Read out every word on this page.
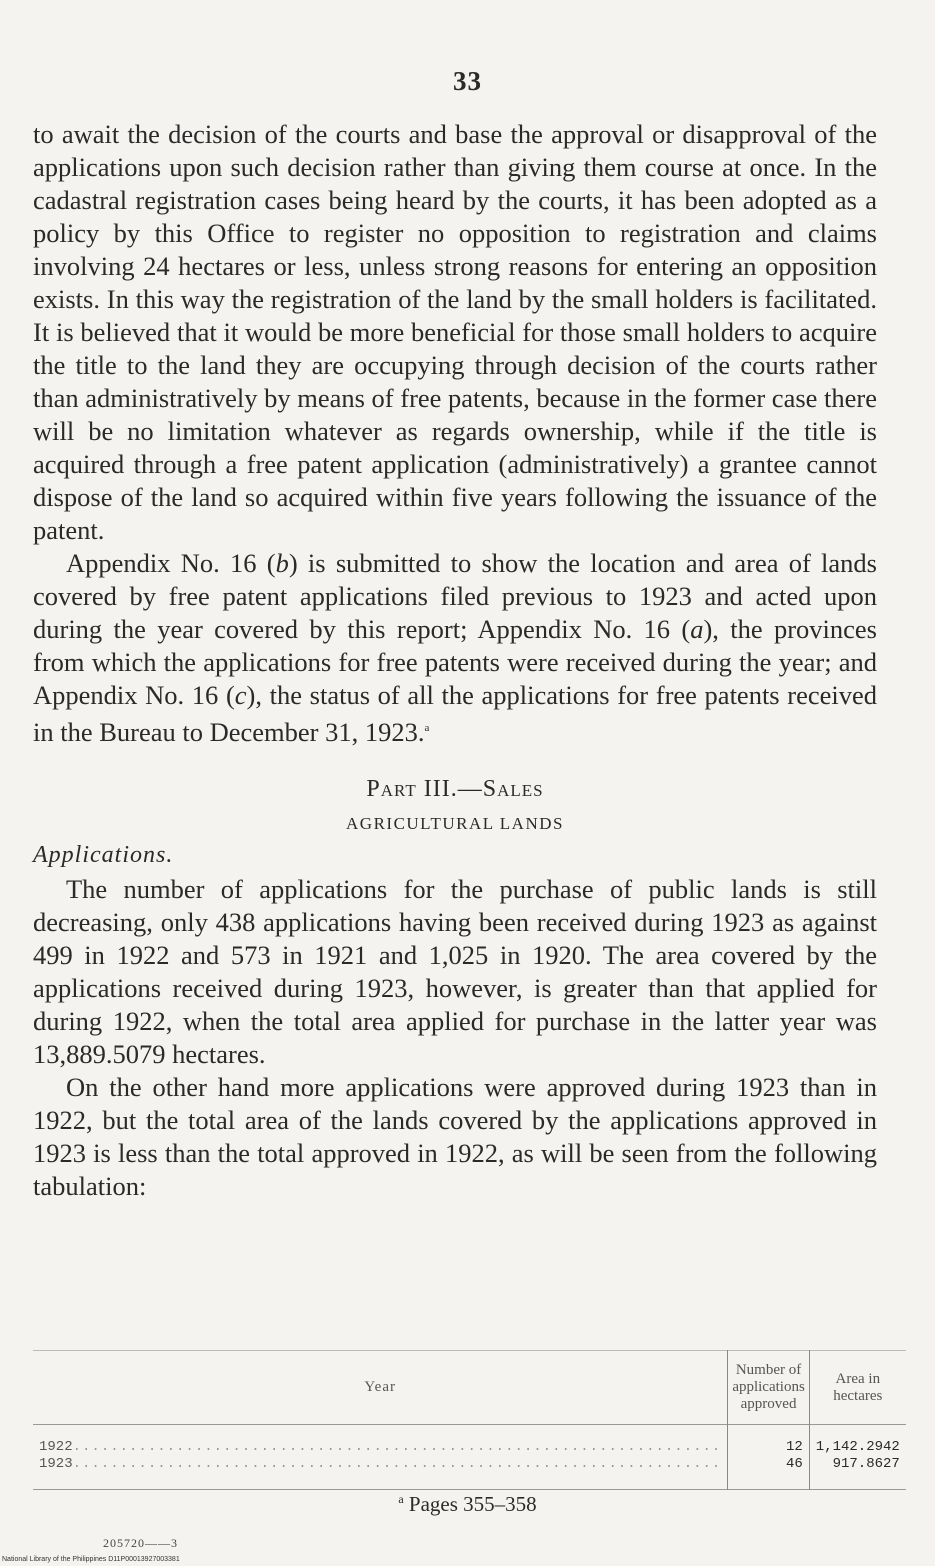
33

to await the decision of the courts and base the approval or disapproval of the applications upon such decision rather than giving them course at once. In the cadastral registration cases being heard by the courts, it has been adopted as a policy by this Office to register no opposition to registration and claims involving 24 hectares or less, unless strong reasons for entering an opposition exists. In this way the registration of the land by the small holders is facilitated. It is believed that it would be more beneficial for those small holders to acquire the title to the land they are occupying through decision of the courts rather than administratively by means of free patents, because in the former case there will be no limitation whatever as regards ownership, while if the title is acquired through a free patent application (administratively) a grantee cannot dispose of the land so acquired within five years following the issuance of the patent.

Appendix No. 16 (b) is submitted to show the location and area of lands covered by free patent applications filed previous to 1923 and acted upon during the year covered by this report; Appendix No. 16 (a), the provinces from which the applications for free patents were received during the year; and Appendix No. 16 (c), the status of all the applications for free patents received in the Bureau to December 31, 1923.$^a$

Part III.—Sales
AGRICULTURAL LANDS
Applications.

The number of applications for the purchase of public lands is still decreasing, only 438 applications having been received during 1923 as against 499 in 1922 and 573 in 1921 and 1,025 in 1920. The area covered by the applications received during 1923, however, is greater than that applied for during 1922, when the total area applied for purchase in the latter year was 13,889.5079 hectares.

On the other hand more applications were approved during 1923 than in 1922, but the total area of the lands covered by the applications approved in 1923 is less than the total approved in 1922, as will be seen from the following tabulation:

Year	Number of applications approved	Area in hectares
1922.....................................................................	12	1,142.2942
1923.....................................................................	46	917.8627
$^a$ Pages 355–358
205720——3
National Library of the Philippines D11P00013927003381
